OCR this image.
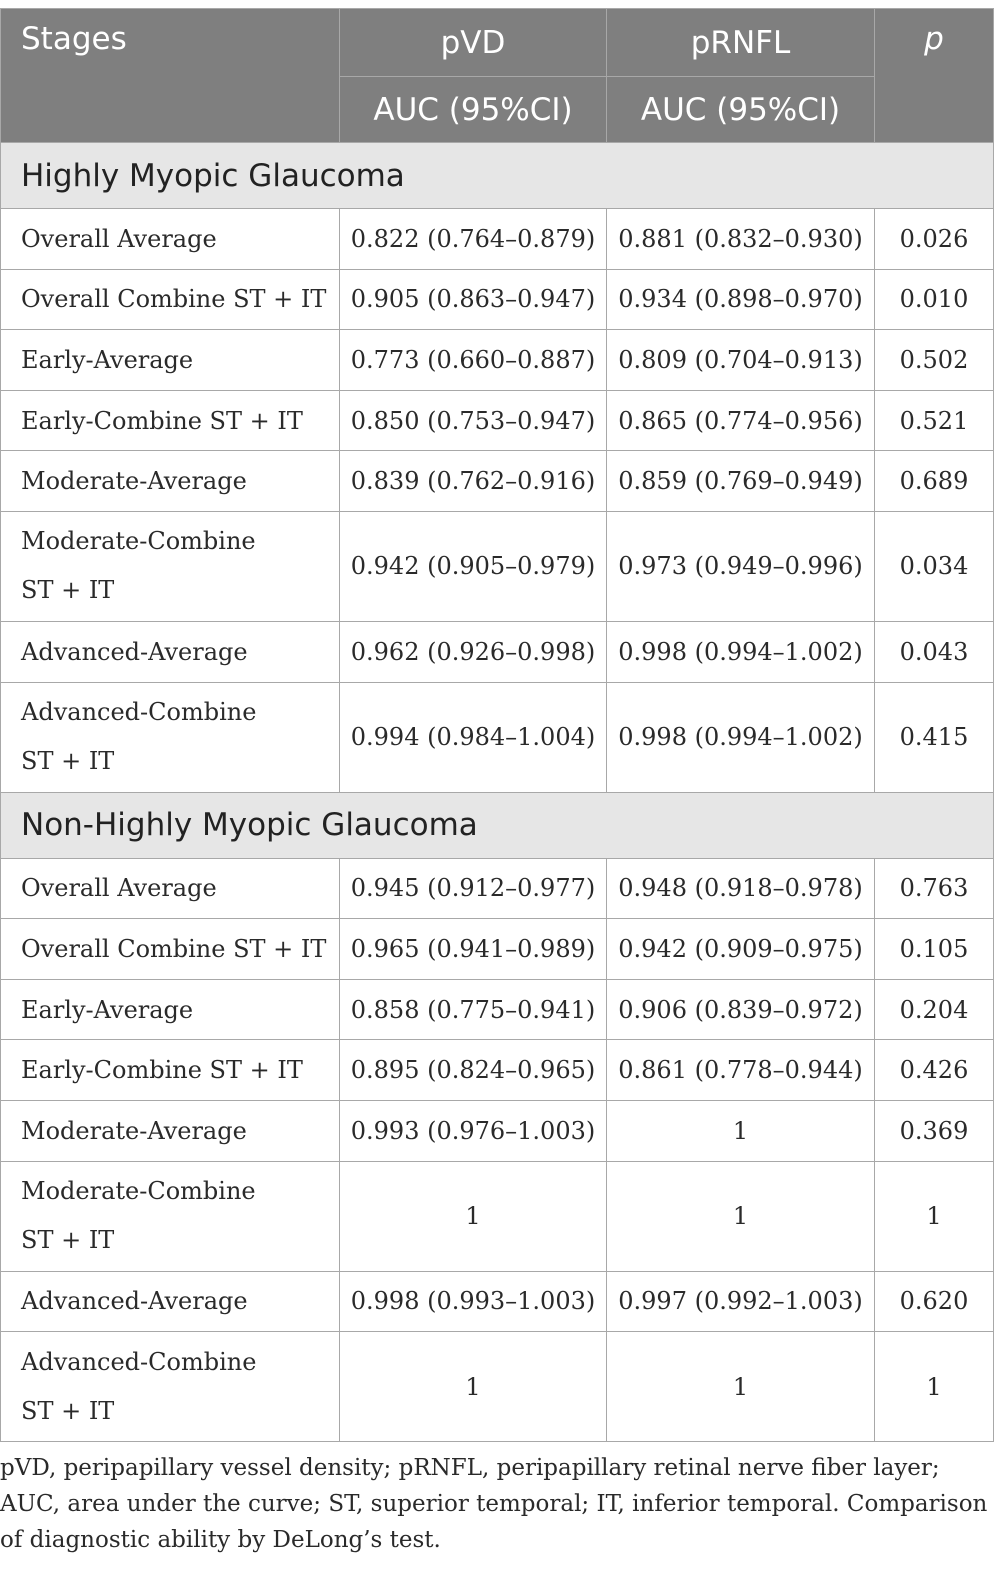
Stages	pVD	pRNFL	p
	AUC (95%CI)	AUC (95%CI)	
Highly Myopic Glaucoma			
Overall Average	0.822 (0.764–0.879)	0.881 (0.832–0.930)	0.026
Overall Combine ST + IT	0.905 (0.863–0.947)	0.934 (0.898–0.970)	0.010
Early-Average	0.773 (0.660–0.887)	0.809 (0.704–0.913)	0.502
Early-Combine ST + IT	0.850 (0.753–0.947)	0.865 (0.774–0.956)	0.521
Moderate-Average	0.839 (0.762–0.916)	0.859 (0.769–0.949)	0.689
Moderate-Combine
ST + IT	0.942 (0.905–0.979)	0.973 (0.949–0.996)	0.034
Advanced-Average	0.962 (0.926–0.998)	0.998 (0.994–1.002)	0.043
Advanced-Combine
ST + IT	0.994 (0.984–1.004)	0.998 (0.994–1.002)	0.415
Non-Highly Myopic Glaucoma			
Overall Average	0.945 (0.912–0.977)	0.948 (0.918–0.978)	0.763
Overall Combine ST + IT	0.965 (0.941–0.989)	0.942 (0.909–0.975)	0.105
Early-Average	0.858 (0.775–0.941)	0.906 (0.839–0.972)	0.204
Early-Combine ST + IT	0.895 (0.824–0.965)	0.861 (0.778–0.944)	0.426
Moderate-Average	0.993 (0.976–1.003)	1	0.369
Moderate-Combine
ST + IT	1	1	1
Advanced-Average	0.998 (0.993–1.003)	0.997 (0.992–1.003)	0.620
Advanced-Combine
ST + IT	1	1	1
pVD, peripapillary vessel density; pRNFL, peripapillary retinal nerve fiber layer; AUC, area under the curve; ST, superior temporal; IT, inferior temporal. Comparison of diagnostic ability by DeLong’s test.
